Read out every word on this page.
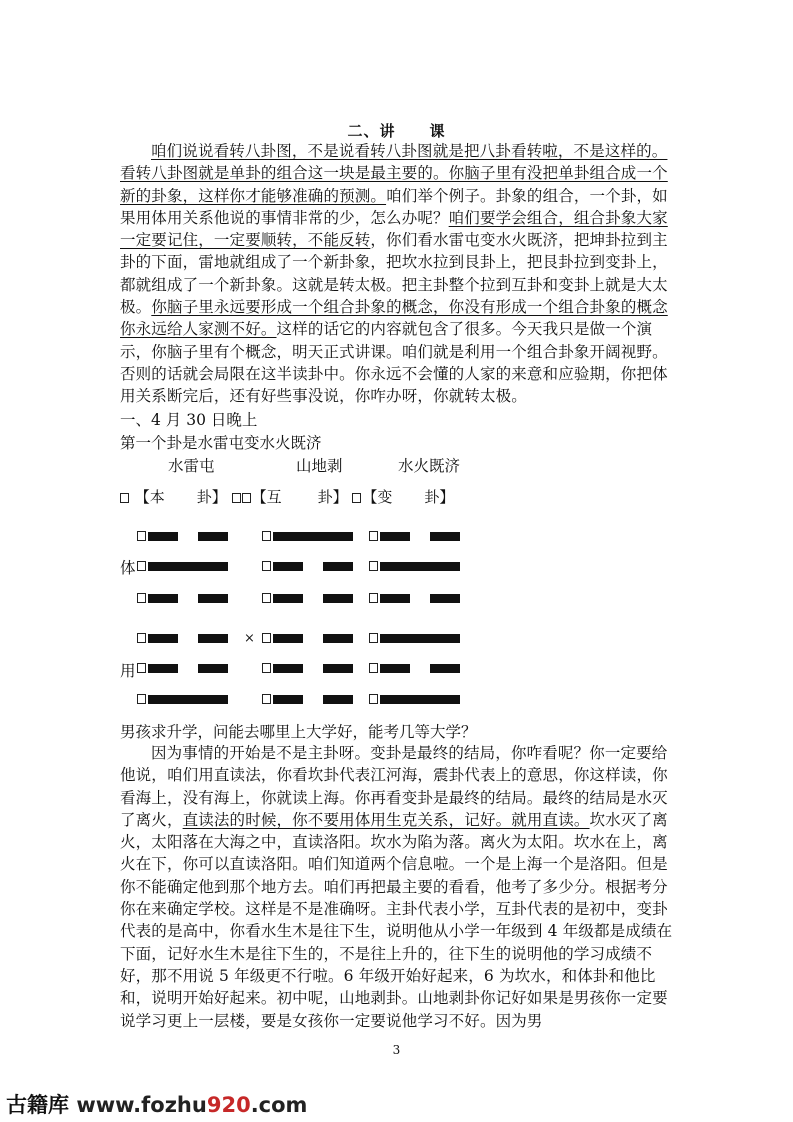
二、讲 课
咱们说说看转八卦图，不是说看转八卦图就是把八卦看转啦，不是这样的。看转八卦图就是单卦的组合这一块是最主要的。你脑子里有没把单卦组合成一个新的卦象，这样你才能够准确的预测。咱们举个例子。卦象的组合，一个卦，如果用体用关系他说的事情非常的少，怎么办呢？咱们要学会组合，组合卦象大家一定要记住，一定要顺转，不能反转，你们看水雷屯变水火既济，把坤卦拉到主卦的下面，雷地就组成了一个新卦象，把坎水拉到艮卦上，把艮卦拉到变卦上，都就组成了一个新卦象。这就是转太极。把主卦整个拉到互卦和变卦上就是大太极。你脑子里永远要形成一个组合卦象的概念，你没有形成一个组合卦象的概念你永远给人家测不好。这样的话它的内容就包含了很多。今天我只是做一个演示，你脑子里有个概念，明天正式讲课。咱们就是利用一个组合卦象开阔视野。否则的话就会局限在这半读卦中。你永远不会懂的人家的来意和应验期，你把体用关系断完后，还有好些事没说，你咋办呀，你就转太极。
一、4 月 30 日晚上
第一个卦是水雷屯变水火既济
水雷屯	山地剥	水火既济
【本 卦】 【互 卦】 【变 卦】
体
用
×
男孩求升学，问能去哪里上大学好，能考几等大学？
因为事情的开始是不是主卦呀。变卦是最终的结局，你咋看呢？你一定要给他说，咱们用直读法，你看坎卦代表江河海，震卦代表上的意思，你这样读，你看海上，没有海上，你就读上海。你再看变卦是最终的结局。最终的结局是水灭了离火，直读法的时候，你不要用体用生克关系，记好。就用直读。坎水灭了离火，太阳落在大海之中，直读洛阳。坎水为陷为落。离火为太阳。坎水在上，离火在下，你可以直读洛阳。咱们知道两个信息啦。一个是上海一个是洛阳。但是你不能确定他到那个地方去。咱们再把最主要的看看，他考了多少分。根据考分你在来确定学校。这样是不是准确呀。主卦代表小学，互卦代表的是初中，变卦代表的是高中，你看水生木是往下生，说明他从小学一年级到 4 年级都是成绩在下面，记好水生木是往下生的，不是往上升的，往下生的说明他的学习成绩不好，那不用说 5 年级更不行啦。6 年级开始好起来，6 为坎水，和体卦和他比和，说明开始好起来。初中呢，山地剥卦。山地剥卦你记好如果是男孩你一定要说学习更上一层楼，要是女孩你一定要说他学习不好。因为男
3
古籍库 www.fozhu920.com
